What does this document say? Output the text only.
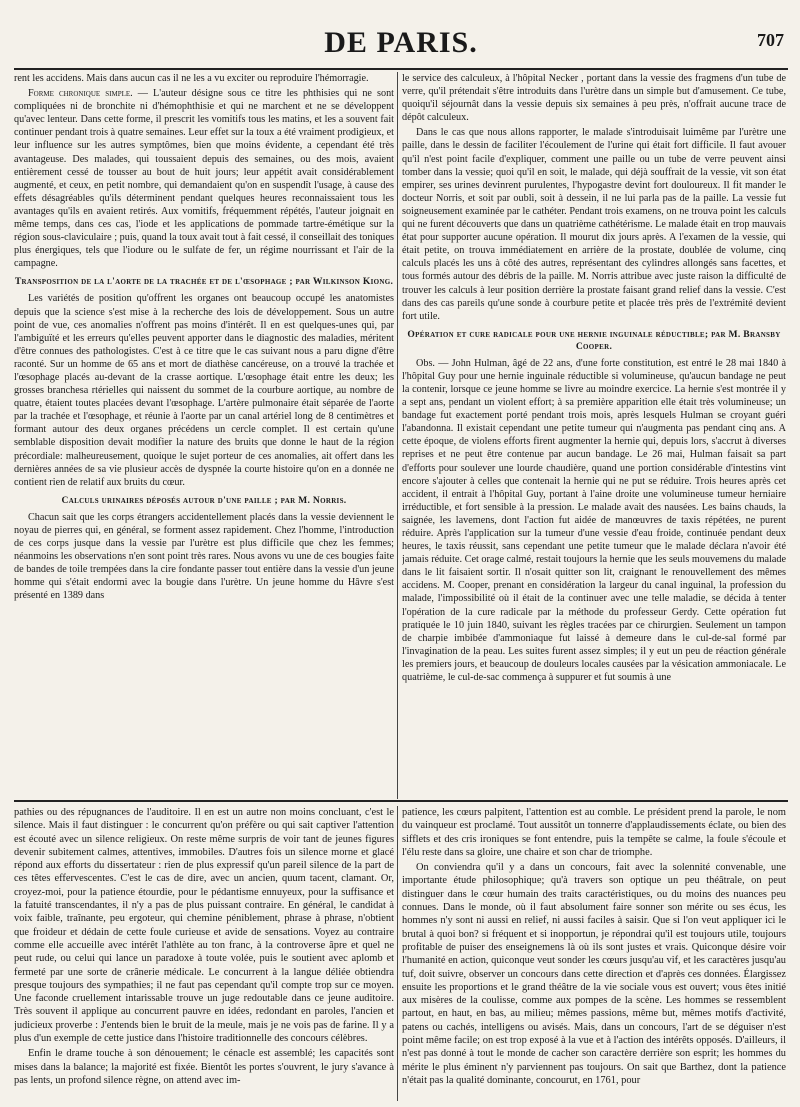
DE PARIS.	707

rent les accidens. Mais dans aucun cas il ne les a vu exciter ou reproduire l'hémorragie.

Forme chronique simple. — L'auteur désigne sous ce titre les phthisies qui ne sont compliquées ni de bronchite ni d'hémophthisie et qui ne marchent et ne se développent qu'avec lenteur. Dans cette forme, il prescrit les vomitifs tous les matins, et les a souvent fait continuer pendant trois à quatre semaines. Leur effet sur la toux a été vraiment prodigieux, et leur influence sur les autres symptômes, bien que moins évidente, a cependant été très avantageuse. Des malades, qui toussaient depuis des semaines, ou des mois, avaient entièrement cessé de tousser au bout de huit jours; leur appétit avait considérablement augmenté, et ceux, en petit nombre, qui demandaient qu'on en suspendît l'usage, à cause des effets désagréables qu'ils déterminent pendant quelques heures reconnaissaient tous les avantages qu'ils en avaient retirés. Aux vomitifs, fréquemment répétés, l'auteur joignait en même temps, dans ces cas, l'iode et les applications de pommade tartre-émétique sur la région sous-claviculaire ; puis, quand la toux avait tout à fait cessé, il conseillait des toniques plus énergiques, tels que l'iodure ou le sulfate de fer, un régime nourrissant et l'air de la campagne.

Transposition de la l'aorte de la trachée et de l'œsophage ; par Wilkinson Kiong.

Les variétés de position qu'offrent les organes ont beaucoup occupé les anatomistes depuis que la science s'est mise à la recherche des lois de développement. Sous un autre point de vue, ces anomalies n'offrent pas moins d'intérêt. Il en est quelques-unes qui, par l'ambiguïté et les erreurs qu'elles peuvent apporter dans le diagnostic des maladies, méritent d'être connues des pathologistes. C'est à ce titre que le cas suivant nous a paru digne d'être raconté. Sur un homme de 65 ans et mort de diathèse cancéreuse, on a trouvé la trachée et l'œsophage placés au-devant de la crasse aortique. L'œsophage était entre les deux; les grosses branchesa rtérielles qui naissent du sommet de la courbure aortique, au nombre de quatre, étaient toutes placées devant l'œsophage. L'artère pulmonaire était séparée de l'aorte par la trachée et l'œsophage, et réunie à l'aorte par un canal artériel long de 8 centimètres et formant autour des deux organes précédens un cercle complet. Il est certain qu'une semblable disposition devait modifier la nature des bruits que donne le haut de la région précordiale: malheureusement, quoique le sujet porteur de ces anomalies, ait offert dans les dernières années de sa vie plusieur accès de dyspnée la courte histoire qu'on en a donnée ne contient rien de relatif aux bruits du cœur.

Calculs urinaires déposés autour d'une paille ; par M. Norris.

Chacun sait que les corps étrangers accidentellement placés dans la vessie deviennent le noyau de pierres qui, en général, se forment assez rapidement. Chez l'homme, l'introduction de ces corps jusque dans la vessie par l'urètre est plus difficile que chez les femmes; néanmoins les observations n'en sont point très rares. Nous avons vu une de ces bougies faite de bandes de toile trempées dans la cire fondante passer tout entière dans la vessie d'un jeune homme qui s'était endormi avec la bougie dans l'urètre. Un jeune homme du Hâvre s'est présenté en 1389 dans

le service des calculeux, à l'hôpital Necker , portant dans la vessie des fragmens d'un tube de verre, qu'il prétendait s'être introduits dans l'urètre dans un simple but d'amusement. Ce tube, quoiqu'il séjournât dans la vessie depuis six semaines à peu près, n'offrait aucune trace de dépôt calculeux.

Dans le cas que nous allons rapporter, le malade s'introduisait luimême par l'urètre une paille, dans le dessin de faciliter l'écoulement de l'urine qui était fort difficile. Il faut avouer qu'il n'est point facile d'expliquer, comment une paille ou un tube de verre peuvent ainsi tomber dans la vessie; quoi qu'il en soit, le malade, qui déjà souffrait de la vessie, vit son état empirer, ses urines devinrent purulentes, l'hypogastre devint fort douloureux. Il fit mander le docteur Norris, et soit par oubli, soit à dessein, il ne lui parla pas de la paille. La vessie fut soigneusement examinée par le cathéter. Pendant trois examens, on ne trouva point les calculs qui ne furent découverts que dans un quatrième cathétérisme. Le malade était en trop mauvais état pour supporter aucune opération. Il mourut dix jours après. A l'examen de la vessie, qui était petite, on trouva immédiatement en arrière de la prostate, doublée de volume, cinq calculs placés les uns à côté des autres, représentant des cylindres allongés sans facettes, et tous formés autour des débris de la paille. M. Norris attribue avec juste raison la difficulté de trouver les calculs à leur position derrière la prostate faisant grand relief dans la vessie. C'est dans des cas pareils qu'une sonde à courbure petite et placée très près de l'extrémité devient fort utile.

Opération et cure radicale pour une hernie inguinale réductible; par M. Bransby Cooper.

Obs. — John Hulman, âgé de 22 ans, d'une forte constitution, est entré le 28 mai 1840 à l'hôpital Guy pour une hernie inguinale réductible si volumineuse, qu'aucun bandage ne peut la contenir, lorsque ce jeune homme se livre au moindre exercice. La hernie s'est montrée il y a sept ans, pendant un violent effort; à sa première apparition elle était très volumineuse; un bandage fut exactement porté pendant trois mois, après lesquels Hulman se croyant guéri l'abandonna. Il existait cependant une petite tumeur qui n'augmenta pas pendant cinq ans. A cette époque, de violens efforts firent augmenter la hernie qui, depuis lors, s'accrut à diverses reprises et ne peut être contenue par aucun bandage. Le 26 mai, Hulman faisait sa part d'efforts pour soulever une lourde chaudière, quand une portion considérable d'intestins vint encore s'ajouter à celles que contenait la hernie qui ne put se réduire. Trois heures après cet accident, il entrait à l'hôpital Guy, portant à l'aine droite une volumineuse tumeur herniaire irréductible, et fort sensible à la pression. Le malade avait des nausées. Les bains chauds, la saignée, les lavemens, dont l'action fut aidée de manœuvres de taxis répétées, ne purent réduire. Après l'application sur la tumeur d'une vessie d'eau froide, continuée pendant deux heures, le taxis réussit, sans cependant une petite tumeur que le malade déclara n'avoir été jamais réduite. Cet orage calmé, restait toujours la hernie que les seuls mouvemens du malade dans le lit faisaient sortir. Il n'osait quitter son lit, craignant le renouvellement des mêmes accidens. M. Cooper, prenant en considération la largeur du canal inguinal, la profession du malade, l'impossibilité où il était de la continuer avec une telle maladie, se décida à tenter l'opération de la cure radicale par la méthode du professeur Gerdy. Cette opération fut pratiquée le 10 juin 1840, suivant les règles tracées par ce chirurgien. Seulement un tampon de charpie imbibée d'ammoniaque fut laissé à demeure dans le cul-de-sal formé par l'invagination de la peau. Les suites furent assez simples; il y eut un peu de réaction générale les premiers jours, et beaucoup de douleurs locales causées par la vésication ammoniacale. Le quatrième, le cul-de-sac commença à suppurer et fut soumis à une

pathies ou des répugnances de l'auditoire. Il en est un autre non moins concluant, c'est le silence. Mais il faut distinguer : le concurrent qu'on préfère ou qui sait captiver l'attention est écouté avec un silence religieux. On reste même surpris de voir tant de jeunes figures devenir subitement calmes, attentives, immobiles. D'autres fois un silence morne et glacé répond aux efforts du dissertateur : rien de plus expressif qu'un pareil silence de la part de ces têtes effervescentes. C'est le cas de dire, avec un ancien, quum tacent, clamant. Or, croyez-moi, pour la patience étourdie, pour le pédantisme ennuyeux, pour la suffisance et la fatuité transcendantes, il n'y a pas de plus puissant contraire. En général, le candidat à voix faible, traînante, peu ergoteur, qui chemine péniblement, phrase à phrase, n'obtient que froideur et dédain de cette foule curieuse et avide de sensations. Voyez au contraire comme elle accueille avec intérêt l'athlète au ton franc, à la controverse âpre et quel ne peut rude, ou celui qui lance un paradoxe à toute volée, puis le soutient avec aplomb et fermeté par une sorte de crânerie médicale. Le concurrent à la langue déliée obtiendra presque toujours des sympathies; il ne faut pas cependant qu'il compte trop sur ce moyen. Une faconde cruellement intarissable trouve un juge redoutable dans ce jeune auditoire. Très souvent il applique au concurrent pauvre en idées, redondant en paroles, l'ancien et judicieux proverbe : J'entends bien le bruit de la meule, mais je ne vois pas de farine. Il y a plus d'un exemple de cette justice dans l'histoire traditionnelle des concours célèbres.

Enfin le drame touche à son dénouement; le cénacle est assemblé; les capacités sont mises dans la balance; la majorité est fixée. Bientôt les portes s'ouvrent, le jury s'avance à pas lents, un profond silence règne, on attend avec im-

patience, les cœurs palpitent, l'attention est au comble. Le président prend la parole, le nom du vainqueur est proclamé. Tout aussitôt un tonnerre d'applaudissements éclate, ou bien des sifflets et des cris ironiques se font entendre, puis la tempête se calme, la foule s'écoule et l'élu reste dans sa gloire, une chaire et son char de triomphe.

On conviendra qu'il y a dans un concours, fait avec la solennité convenable, une importante étude philosophique; qu'à travers son optique un peu théâtrale, on peut distinguer dans le cœur humain des traits caractéristiques, ou du moins des nuances peu connues. Dans le monde, où il faut absolument faire sonner son mérite ou ses écus, les hommes n'y sont ni aussi en relief, ni aussi faciles à saisir. Que si l'on veut appliquer ici le brutal à quoi bon? si fréquent et si inopportun, je répondrai qu'il est toujours utile, toujours profitable de puiser des enseignemens là où ils sont justes et vrais. Quiconque désire voir l'humanité en action, quiconque veut sonder les cœurs jusqu'au vif, et les caractères jusqu'au tuf, doit suivre, observer un concours dans cette direction et d'après ces données. Élargissez ensuite les proportions et le grand théâtre de la vie sociale vous est ouvert; vous êtes initié aux misères de la coulisse, comme aux pompes de la scène. Les hommes se ressemblent partout, en haut, en bas, au milieu; mêmes passions, même but, mêmes motifs d'activité, patens ou cachés, intelligens ou avisés. Mais, dans un concours, l'art de se déguiser n'est point même facile; on est trop exposé à la vue et à l'action des intérêts opposés. D'ailleurs, il n'est pas donné à tout le monde de cacher son caractère derrière son esprit; les hommes du mérite le plus éminent n'y parviennent pas toujours. On sait que Barthez, dont la patience n'était pas la qualité dominante, concourut, en 1761, pour
